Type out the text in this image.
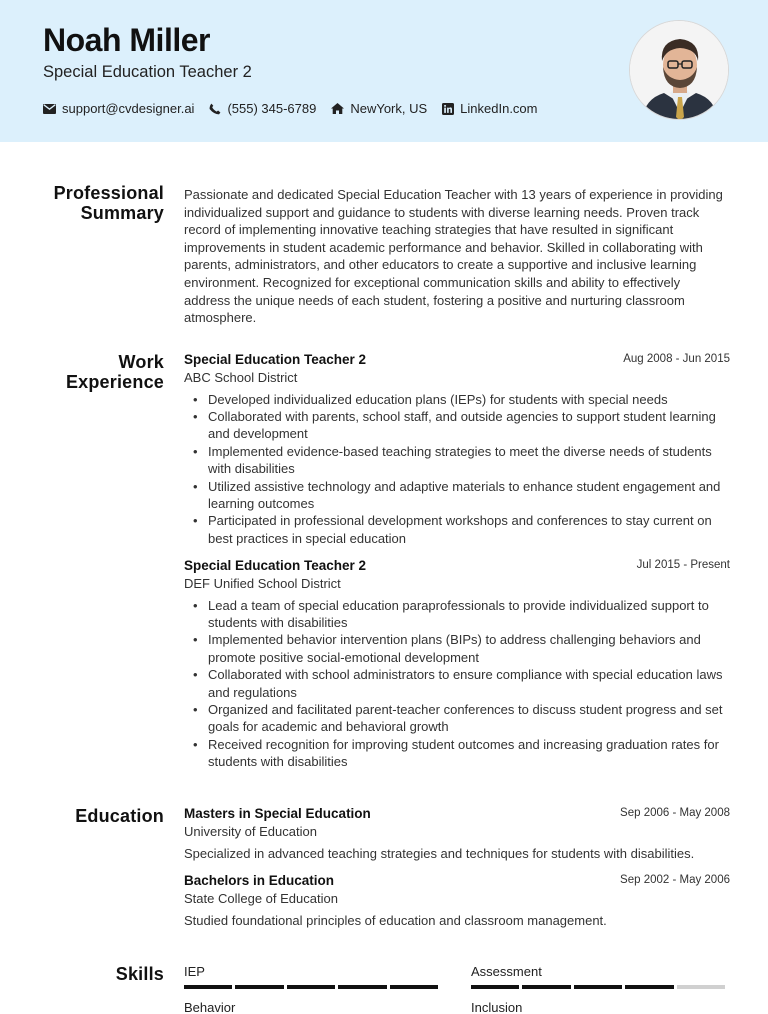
Noah Miller
Special Education Teacher 2
support@cvdesigner.ai	(555) 345-6789	NewYork, US	LinkedIn.com
Professional Summary
Passionate and dedicated Special Education Teacher with 13 years of experience in providing individualized support and guidance to students with diverse learning needs. Proven track record of implementing innovative teaching strategies that have resulted in significant improvements in student academic performance and behavior. Skilled in collaborating with parents, administrators, and other educators to create a supportive and inclusive learning environment. Recognized for exceptional communication skills and ability to effectively address the unique needs of each student, fostering a positive and nurturing classroom atmosphere.
Work Experience
Special Education Teacher 2	Aug 2008 - Jun 2015
ABC School District
• Developed individualized education plans (IEPs) for students with special needs
• Collaborated with parents, school staff, and outside agencies to support student learning and development
• Implemented evidence-based teaching strategies to meet the diverse needs of students with disabilities
• Utilized assistive technology and adaptive materials to enhance student engagement and learning outcomes
• Participated in professional development workshops and conferences to stay current on best practices in special education
Special Education Teacher 2	Jul 2015 - Present
DEF Unified School District
• Lead a team of special education paraprofessionals to provide individualized support to students with disabilities
• Implemented behavior intervention plans (BIPs) to address challenging behaviors and promote positive social-emotional development
• Collaborated with school administrators to ensure compliance with special education laws and regulations
• Organized and facilitated parent-teacher conferences to discuss student progress and set goals for academic and behavioral growth
• Received recognition for improving student outcomes and increasing graduation rates for students with disabilities
Education Masters in Special Education	Sep 2006 - May 2008
University of Education
Specialized in advanced teaching strategies and techniques for students with disabilities.
Bachelors in Education	Sep 2002 - May 2006
State College of Education
Studied foundational principles of education and classroom management.
Skills IEP	Assessment
Behavior	Inclusion
